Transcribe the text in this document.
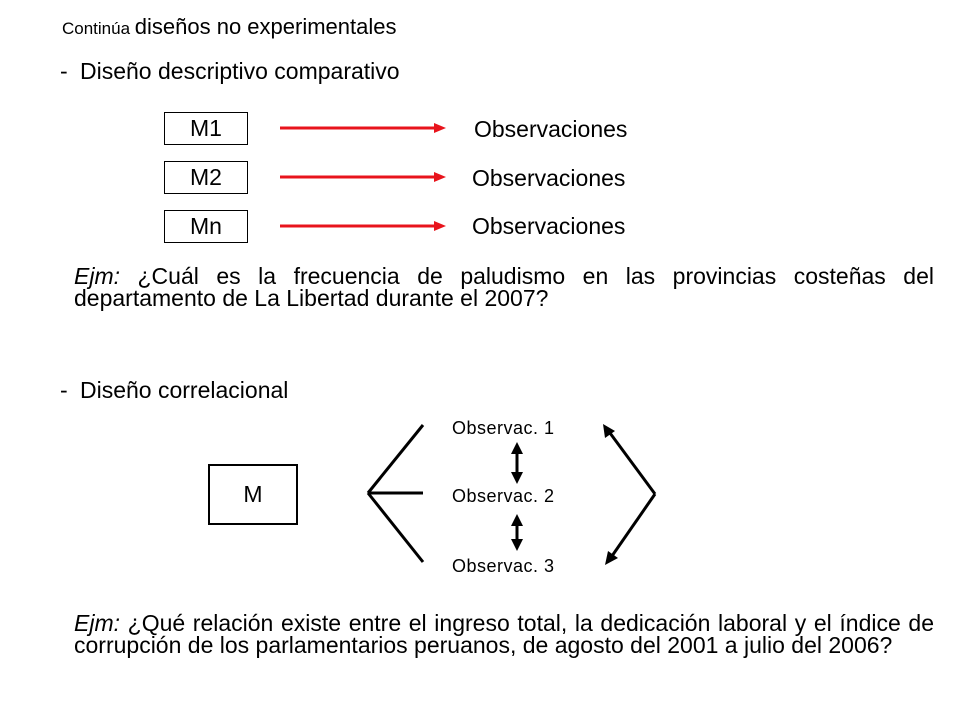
Continúa diseños no experimentales
- Diseño descriptivo comparativo
M1
M2
Mn
Observaciones
Observaciones
Observaciones
Ejm: ¿Cuál es la frecuencia de paludismo en las provincias costeñas del departamento de La Libertad durante el 2007?
- Diseño correlacional
M
Observac. 1
Observac. 2
Observac. 3
Ejm: ¿Qué relación existe entre el ingreso total, la dedicación laboral y el índice de corrupción de los parlamentarios peruanos, de agosto del 2001 a julio del 2006?
